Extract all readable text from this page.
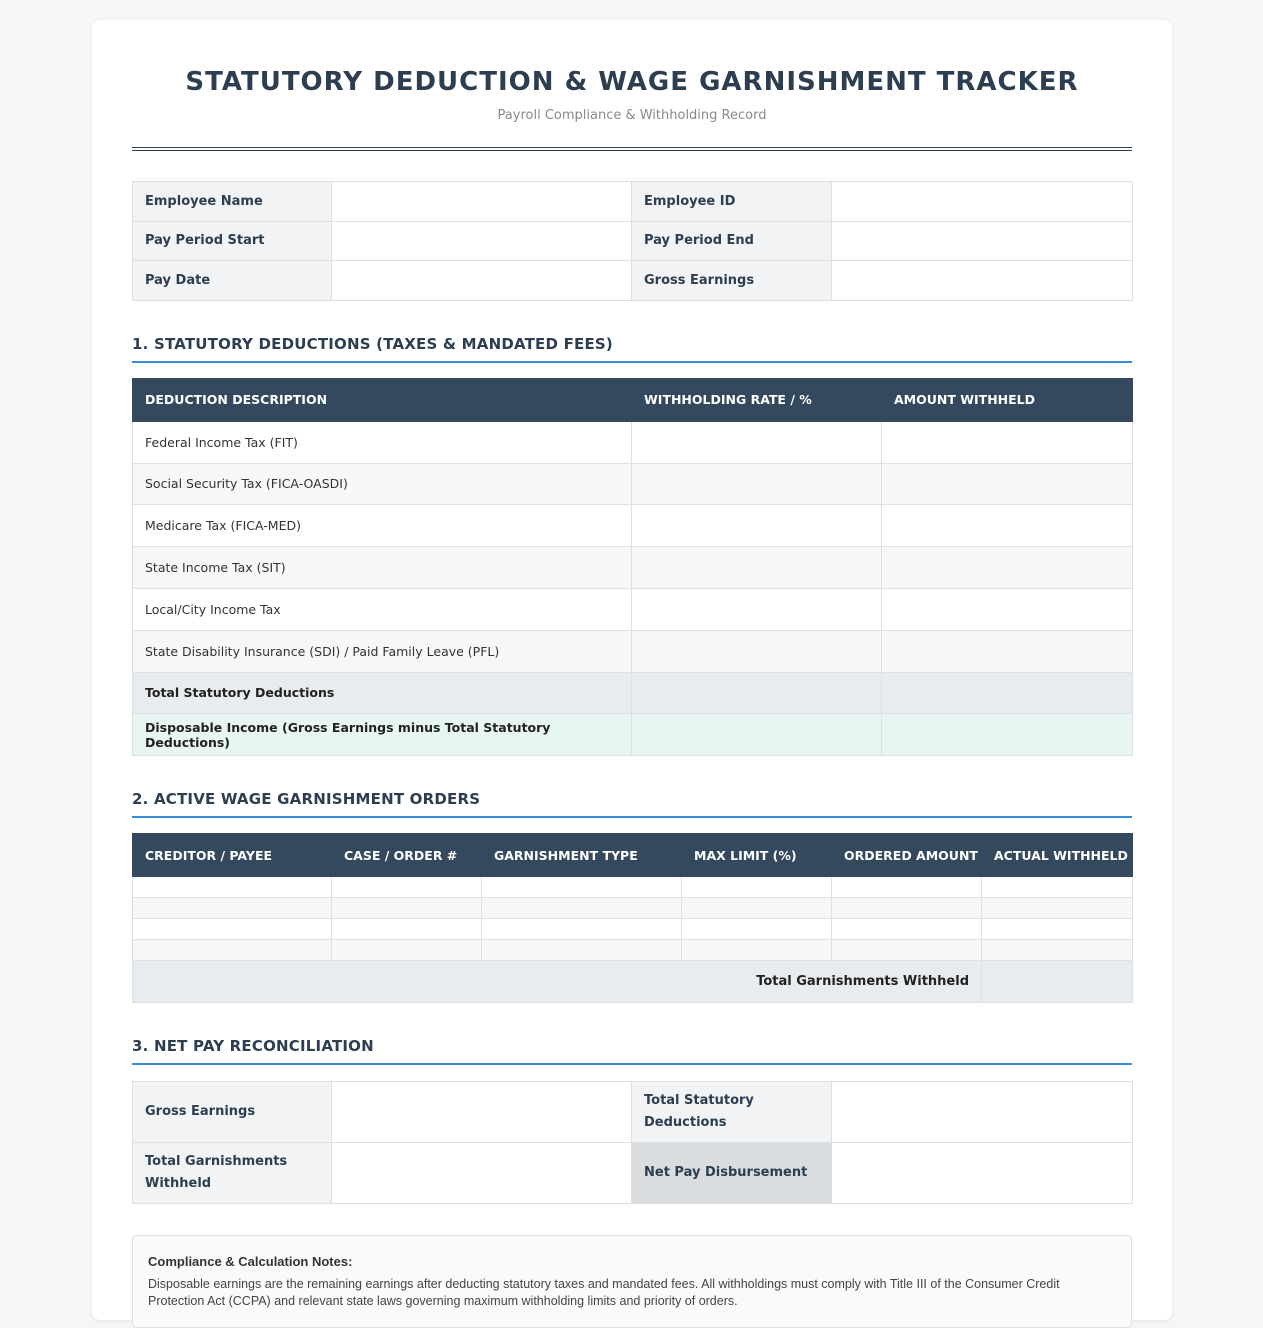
STATUTORY DEDUCTION & WAGE GARNISHMENT TRACKER
Payroll Compliance & Withholding Record
Employee Name		Employee ID	
Pay Period Start		Pay Period End	
Pay Date		Gross Earnings	
1. STATUTORY DEDUCTIONS (TAXES & MANDATED FEES)
DEDUCTION DESCRIPTION	WITHHOLDING RATE / %	AMOUNT WITHHELD
Federal Income Tax (FIT)		
Social Security Tax (FICA-OASDI)		
Medicare Tax (FICA-MED)		
State Income Tax (SIT)		
Local/City Income Tax		
State Disability Insurance (SDI) / Paid Family Leave (PFL)		
Total Statutory Deductions		
Disposable Income (Gross Earnings minus Total Statutory Deductions)		
2. ACTIVE WAGE GARNISHMENT ORDERS
CREDITOR / PAYEE	CASE / ORDER #	GARNISHMENT TYPE	MAX LIMIT (%)	ORDERED AMOUNT	ACTUAL WITHHELD

Total Garnishments Withheld					
3. NET PAY RECONCILIATION
Gross Earnings		Total Statutory Deductions	
Total Garnishments Withheld		Net Pay Disbursement	
Compliance & Calculation Notes:
Disposable earnings are the remaining earnings after deducting statutory taxes and mandated fees. All withholdings must comply with Title III of the Consumer Credit Protection Act (CCPA) and relevant state laws governing maximum withholding limits and priority of orders.
